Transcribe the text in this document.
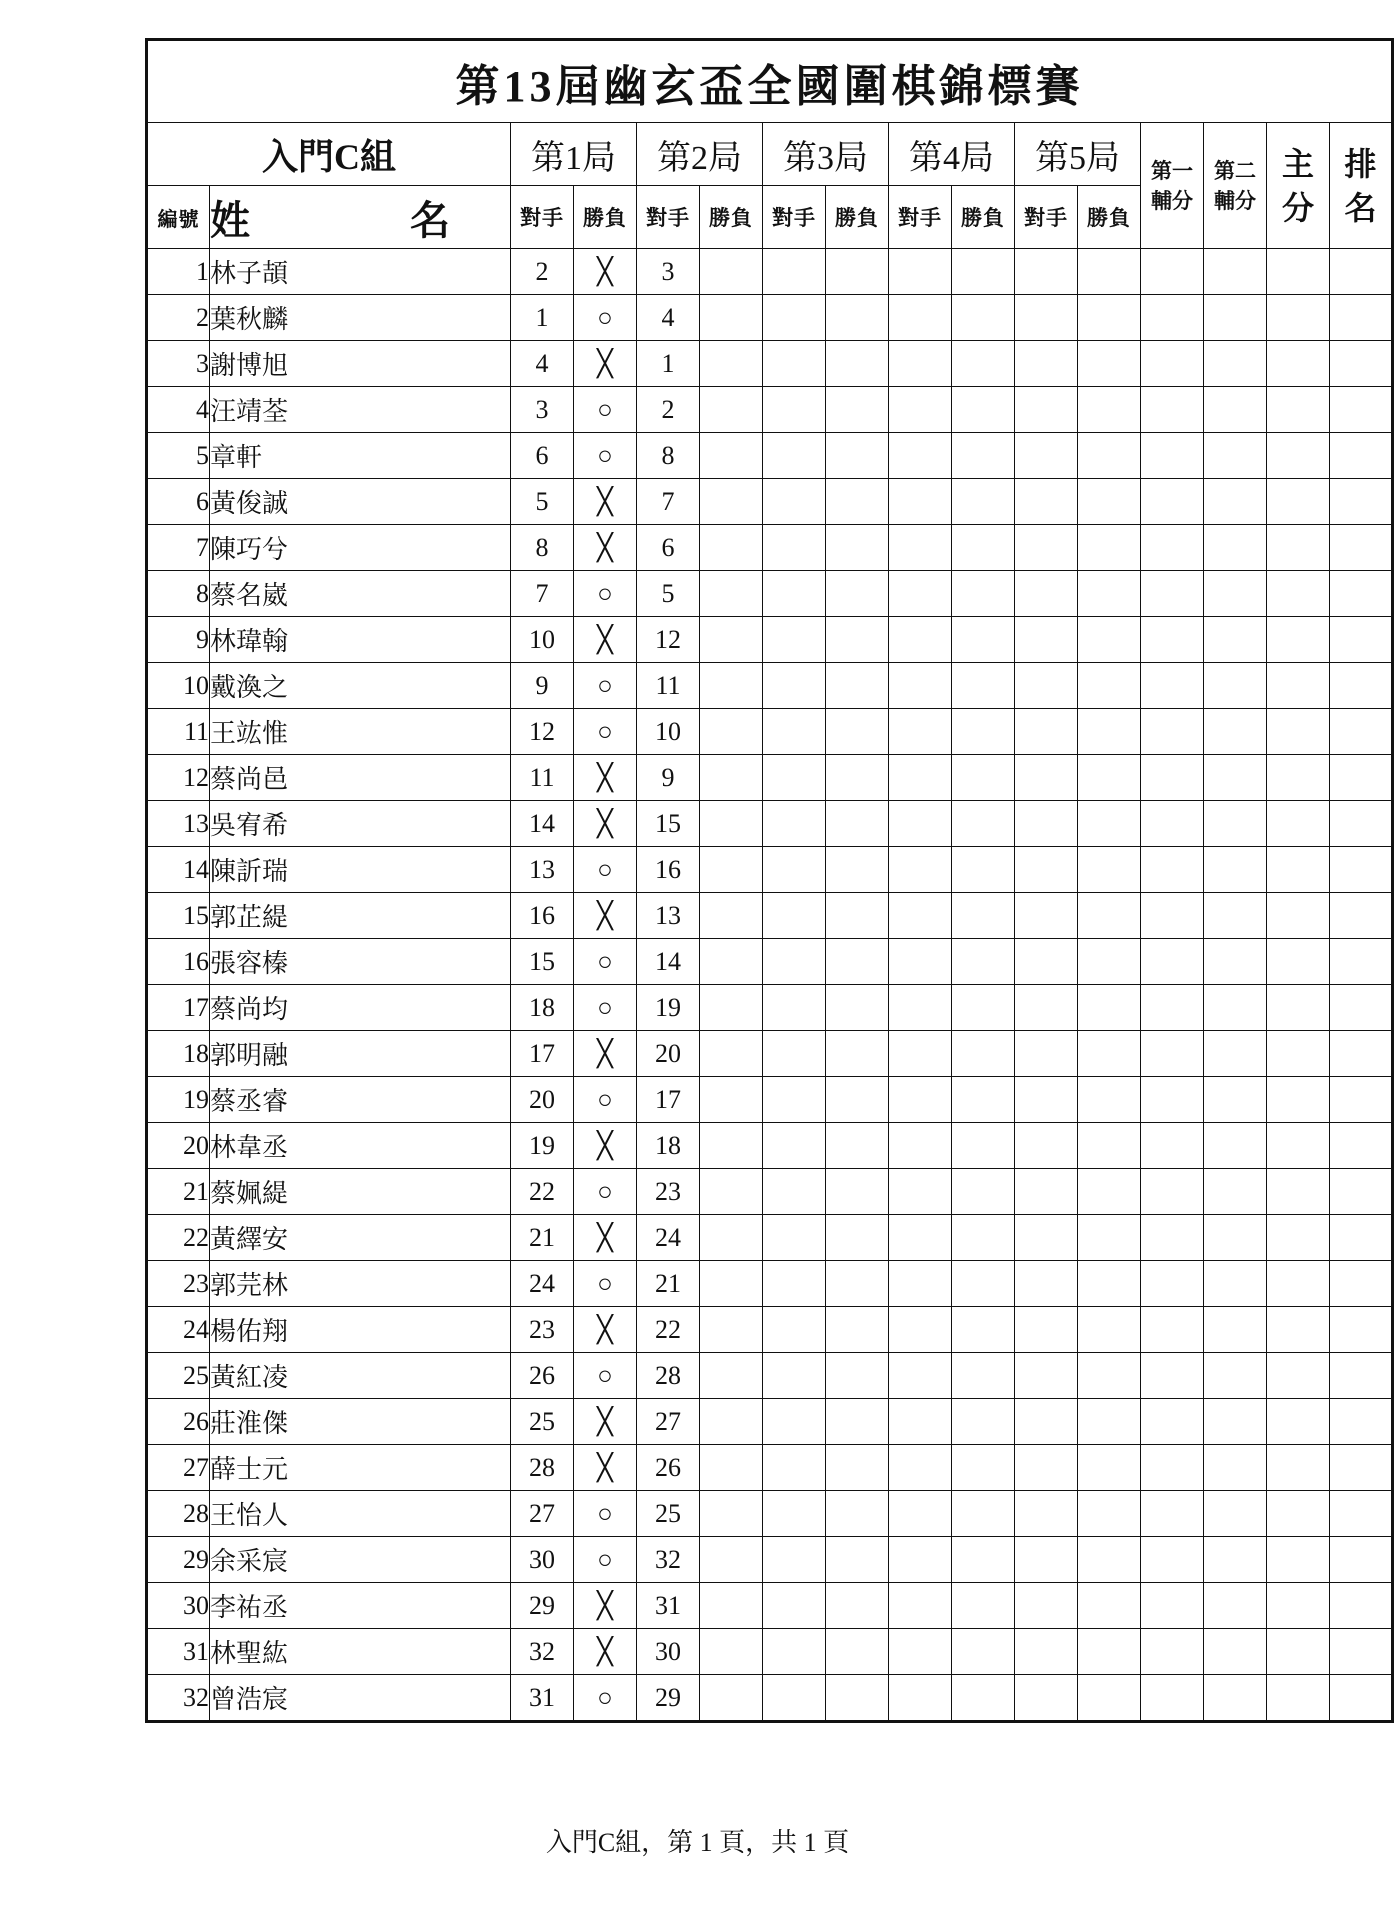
第13屆幽玄盃全國圍棋錦標賽															
入門C組		第1局		第2局		第3局		第4局		第5局		第一輔分	第二輔分	主分	排名

編號	姓　名	對手	勝負	對手	勝負	對手	勝負	對手	勝負	對手	勝負				
1	林子頡	2	╳	3											
2	葉秋麟	1	○	4											
3	謝博旭	4	╳	1											
4	汪靖荃	3	○	2											
5	章軒	6	○	8											
6	黃俊誠	5	╳	7											
7	陳巧兮	8	╳	6											
8	蔡名崴	7	○	5											
9	林瑋翰	10	╳	12											
10	戴渙之	9	○	11											
11	王竑惟	12	○	10											
12	蔡尚邑	11	╳	9											
13	吳宥希	14	╳	15											
14	陳訢瑞	13	○	16											
15	郭芷緹	16	╳	13											
16	張容榛	15	○	14											
17	蔡尚均	18	○	19											
18	郭明融	17	╳	20											
19	蔡丞睿	20	○	17											
20	林韋丞	19	╳	18											
21	蔡姵緹	22	○	23											
22	黃繹安	21	╳	24											
23	郭芫林	24	○	21											
24	楊佑翔	23	╳	22											
25	黃紅凌	26	○	28											
26	莊淮傑	25	╳	27											
27	薛士元	28	╳	26											
28	王怡人	27	○	25											
29	余采宸	30	○	32											
30	李祐丞	29	╳	31											
31	林聖紘	32	╳	30											
32	曾浩宸	31	○	29											
入門C組，第 1 頁，共 1 頁
